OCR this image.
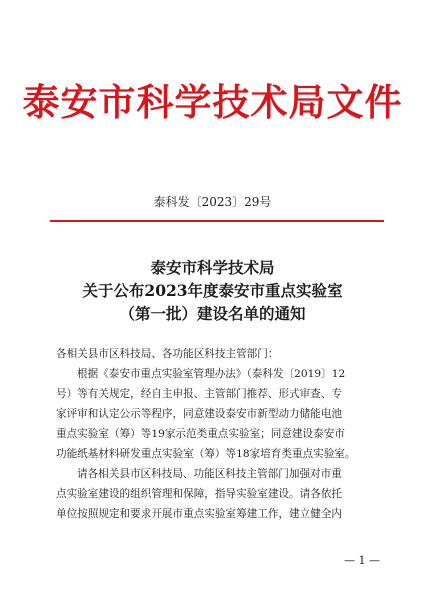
泰安市科学技术局文件
泰科发〔2023〕29号
泰安市科学技术局
关于公布2023年度泰安市重点实验室
（第一批）建设名单的通知
各相关县市区科技局、各功能区科技主管部门：
根据《泰安市重点实验室管理办法》（泰科发〔2019〕12
号）等有关规定，经自主申报、主管部门推荐、形式审查、专
家评审和认定公示等程序，同意建设泰安市新型动力储能电池
重点实验室（筹）等19家示范类重点实验室；同意建设泰安市
功能纸基材料研发重点实验室（筹）等18家培育类重点实验室。
请各相关县市区科技局、功能区科技主管部门加强对市重
点实验室建设的组织管理和保障，指导实验室建设。请各依托
单位按照规定和要求开展市重点实验室筹建工作，建立健全内
— 1 —
